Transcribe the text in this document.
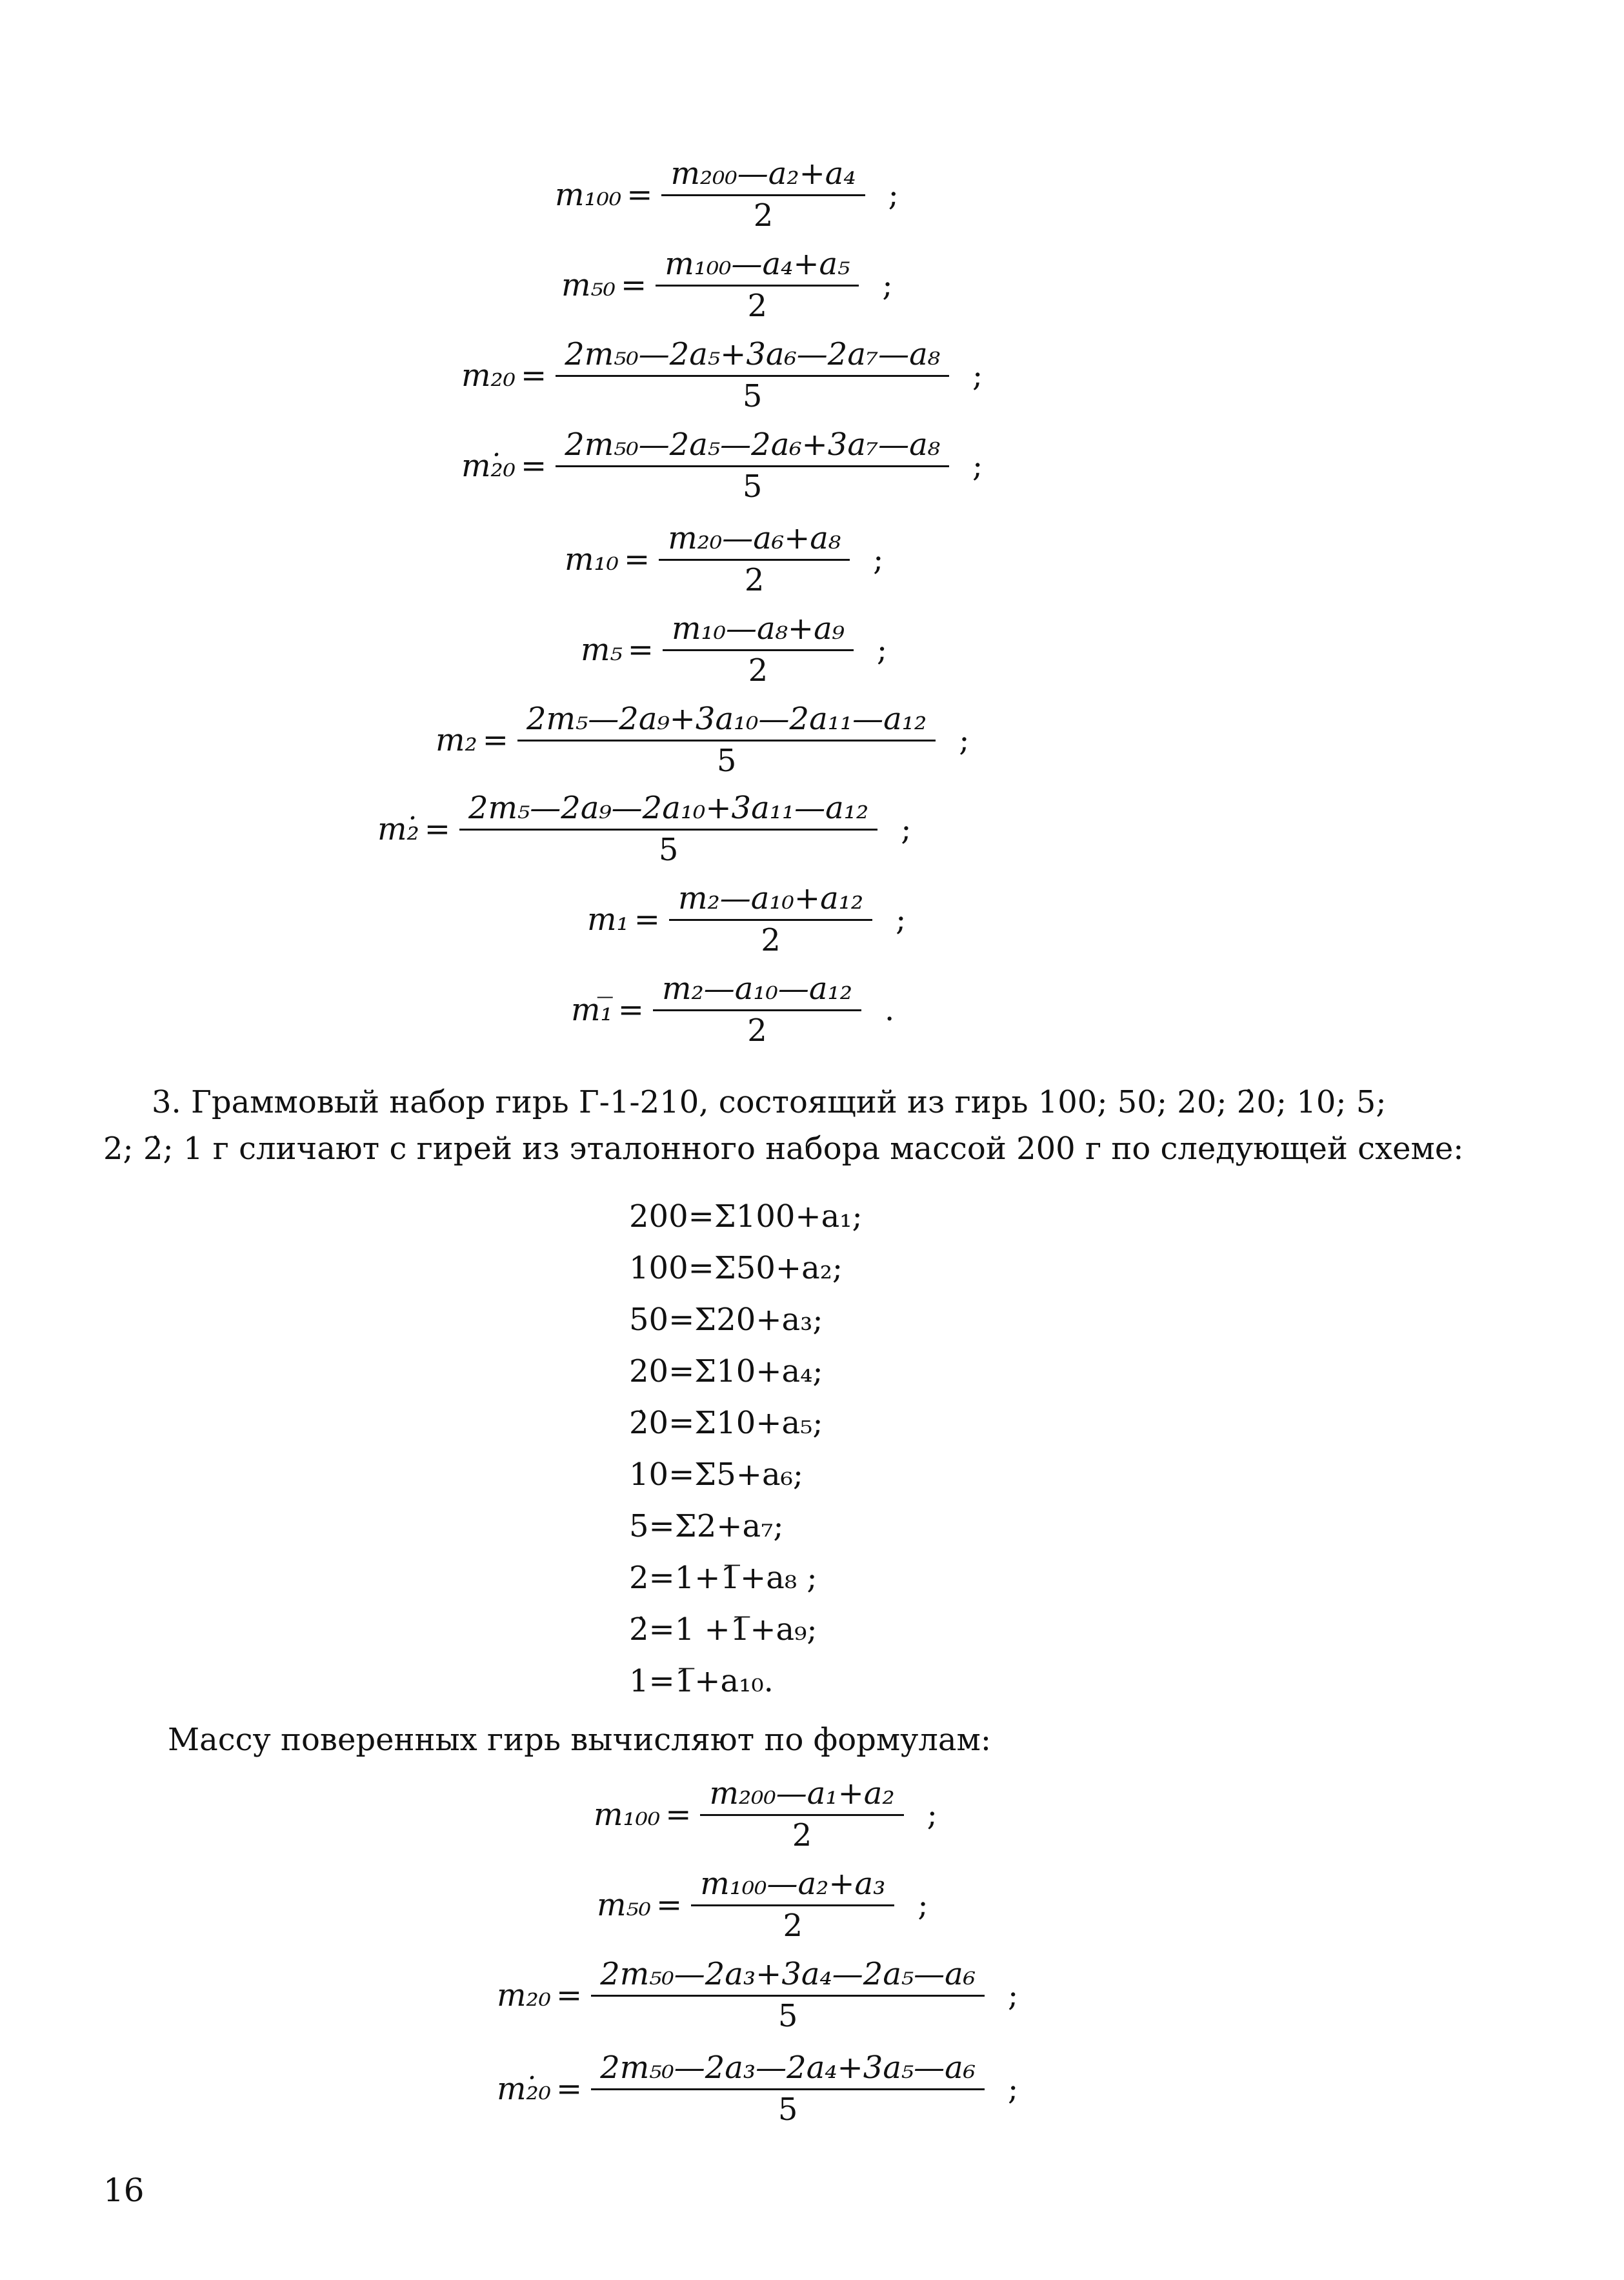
$m_{100} = \frac{\text{m₂₀₀—a₂+a₄}}{2}$ ;
$m_{50} = \frac{\text{m₁₀₀—a₄+a₅}}{2}$ ;
$m_{20} = \frac{\text{2m₅₀—2a₅+3a₆—2a₇—a₈}}{5}$ ;
m₂̇₀ = $\frac{\text{2m₅₀—2a₅—2a₆+3a₇—a₈}}{5}$ ;
$m_{10} = \frac{\text{m₂₀—a₆+a₈}}{2}$ ;
$m_5 = \frac{\text{m₁₀—a₈+a₉}}{2}$ ;
$m_2 = \frac{\text{2m₅—2a₉+3a₁₀—2a₁₁—a₁₂}}{5}$ ;
m₂̇ = $\frac{\text{2m₅—2a₉—2a₁₀+3a₁₁—a₁₂}}{5}$ ;
$m_1 = \frac{\text{m₂—a₁₀+a₁₂}}{2}$ ;
m₁̅ = $\frac{\text{m₂—a₁₀—a₁₂}}{2}$ .
3. Граммовый набор гирь Г-1-210, состоящий из гирь 100; 50; 20; 2̇0; 10; 5;
2; 2̇; 1 г сличают с гирей из эталонного набора массой 200 г по следующей схеме:
200=Σ100+a₁;
100=Σ50+a₂;
50=Σ20+a₃;
20=Σ10+a₄;
2̇0=Σ10+a₅;
10=Σ5+a₆;
5=Σ2+a₇;
2=1+1̅+a₈ ;
2̇=1 +1̅+a₉;
1=1̅+a₁₀.
Массу поверенных гирь вычисляют по формулам:
$m_{100} = \frac{\text{m₂₀₀—a₁+a₂}}{2}$ ;
$m_{50} = \frac{\text{m₁₀₀—a₂+a₃}}{2}$ ;
$m_{20} = \frac{\text{2m₅₀—2a₃+3a₄—2a₅—a₆}}{5}$ ;
m₂̇₀ = $\frac{\text{2m₅₀—2a₃—2a₄+3a₅—a₆}}{5}$ ;
16
